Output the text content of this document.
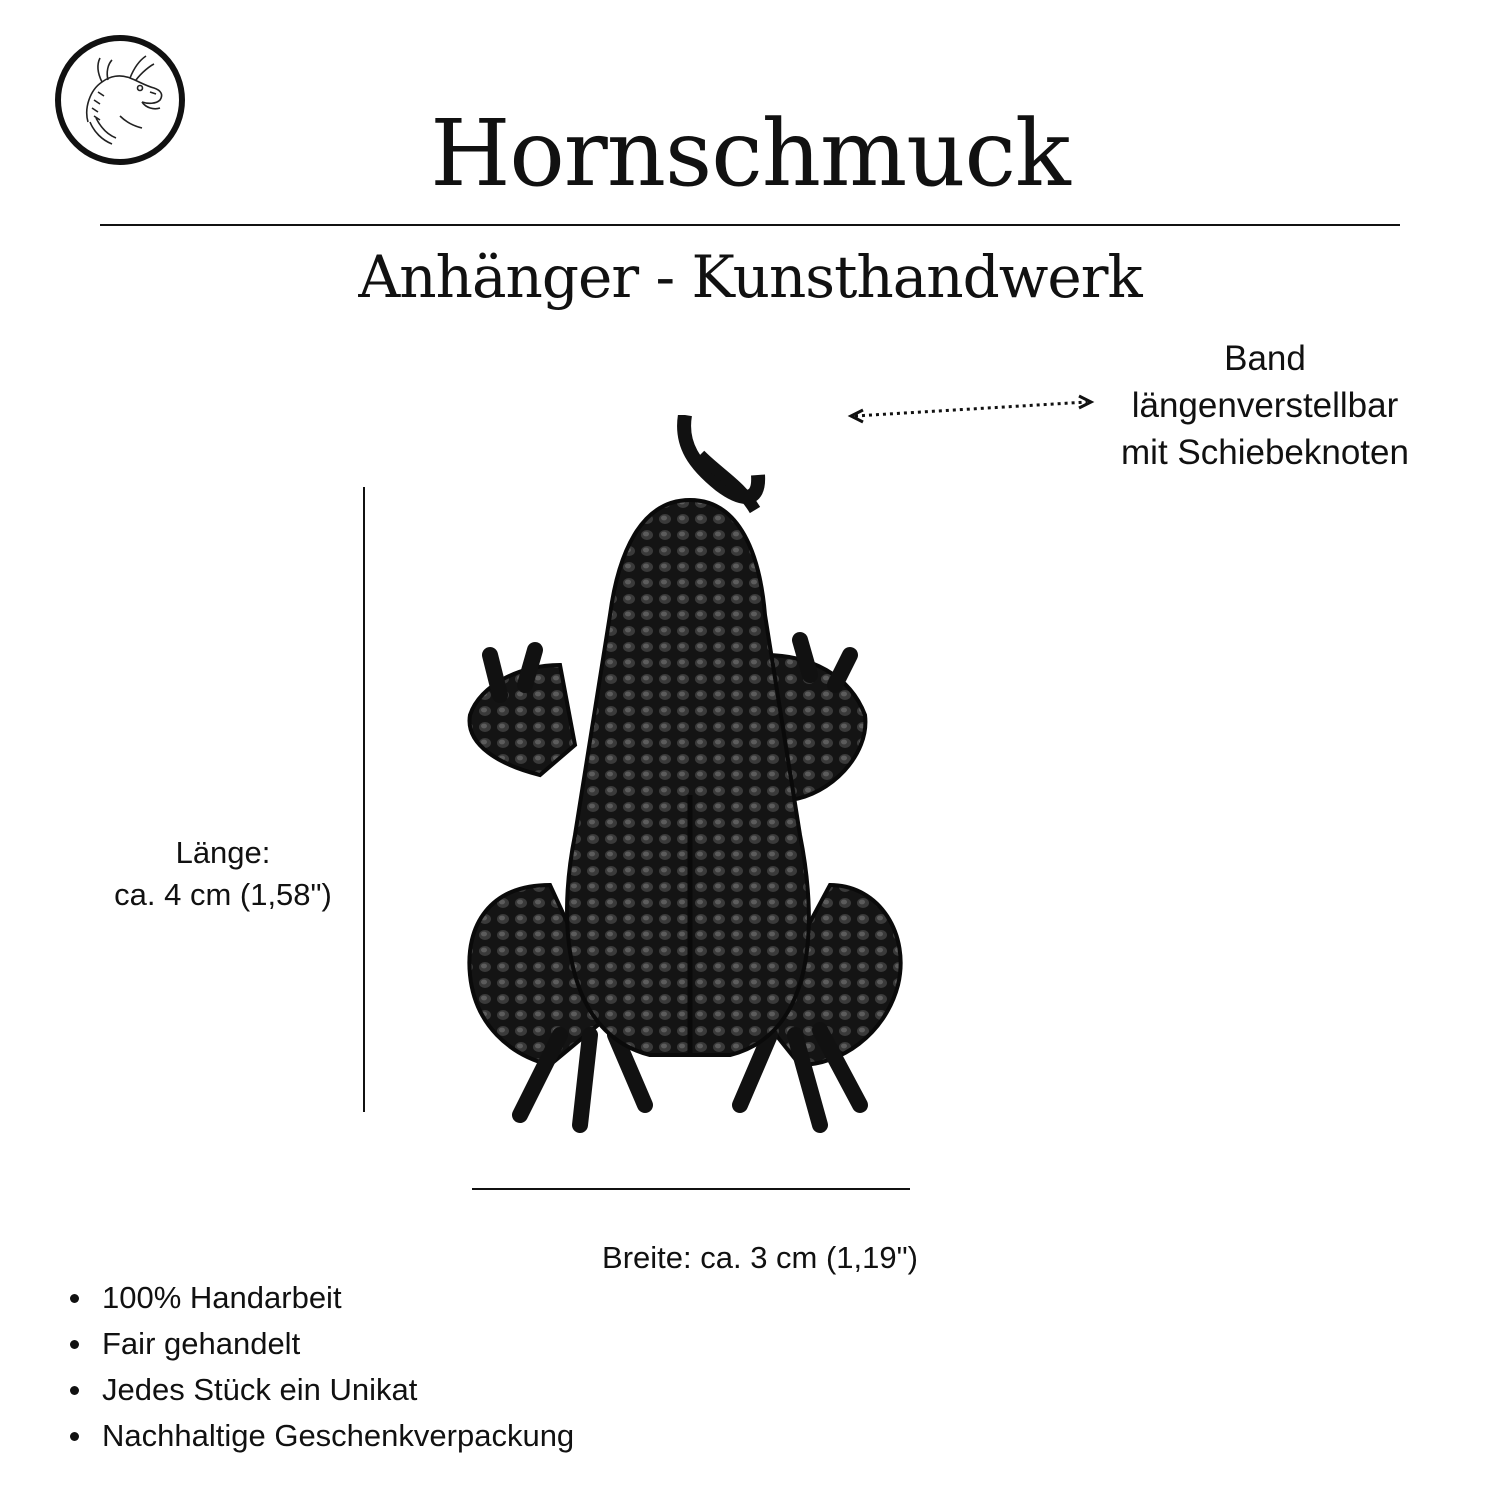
Hornschmuck
Anhänger - Kunsthandwerk
Band
längenverstellbar
mit Schiebeknoten
Länge:
ca. 4 cm (1,58")
Breite: ca. 3 cm (1,19")
100% Handarbeit
Fair gehandelt
Jedes Stück ein Unikat
Nachhaltige Geschenkverpackung
